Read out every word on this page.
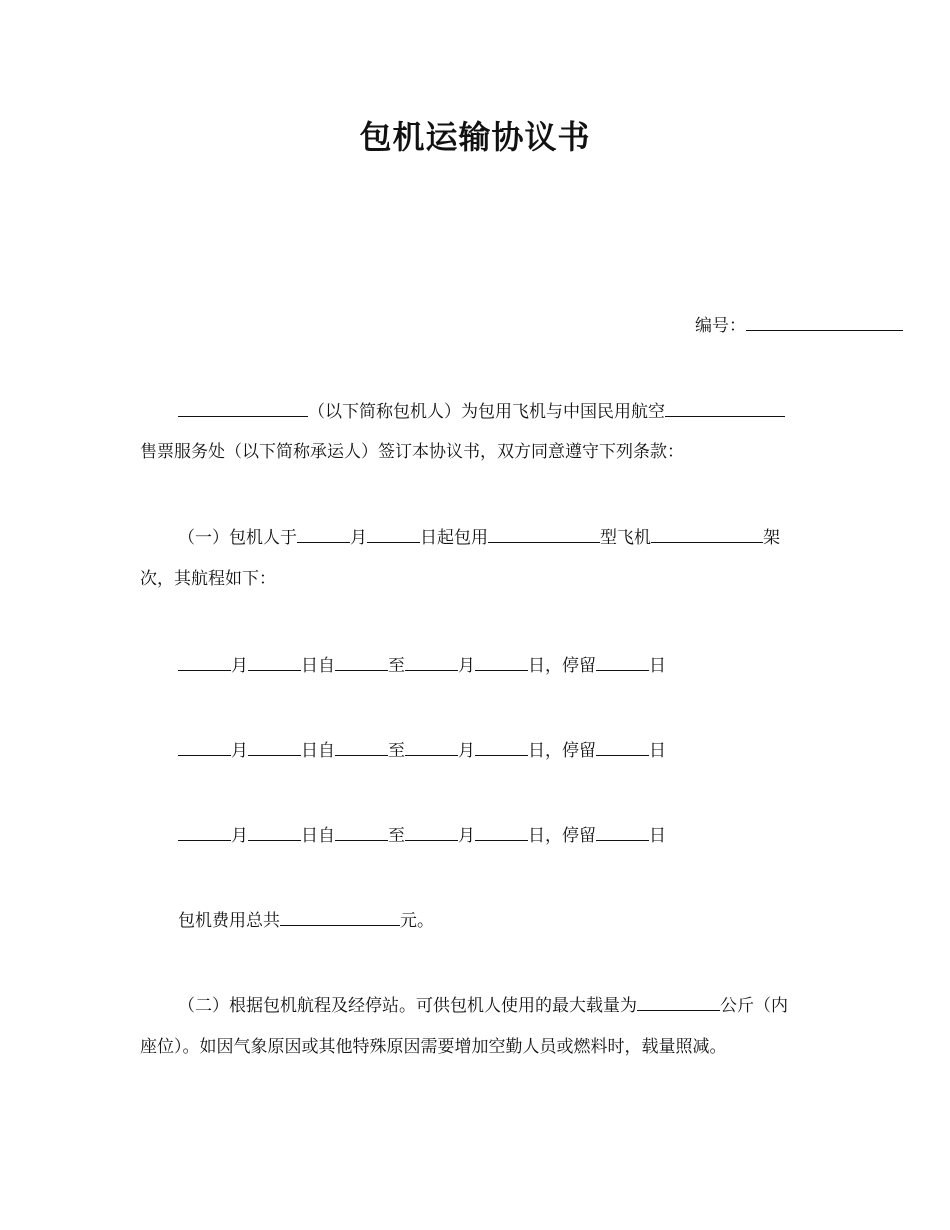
包机运输协议书
编号：
（以下简称包机人）为包用飞机与中国民用航空
售票服务处（以下简称承运人）签订本协议书，双方同意遵守下列条款：
（一）包机人于	月	日起包用	型飞机	架
次，其航程如下：
月	日自	至	月	日，停留	日
月	日自	至	月	日，停留	日
月	日自	至	月	日，停留	日
包机费用总共	元。
（二）根据包机航程及经停站。可供包机人使用的最大载量为	公斤（内
座位）。如因气象原因或其他特殊原因需要增加空勤人员或燃料时，载量照减。
